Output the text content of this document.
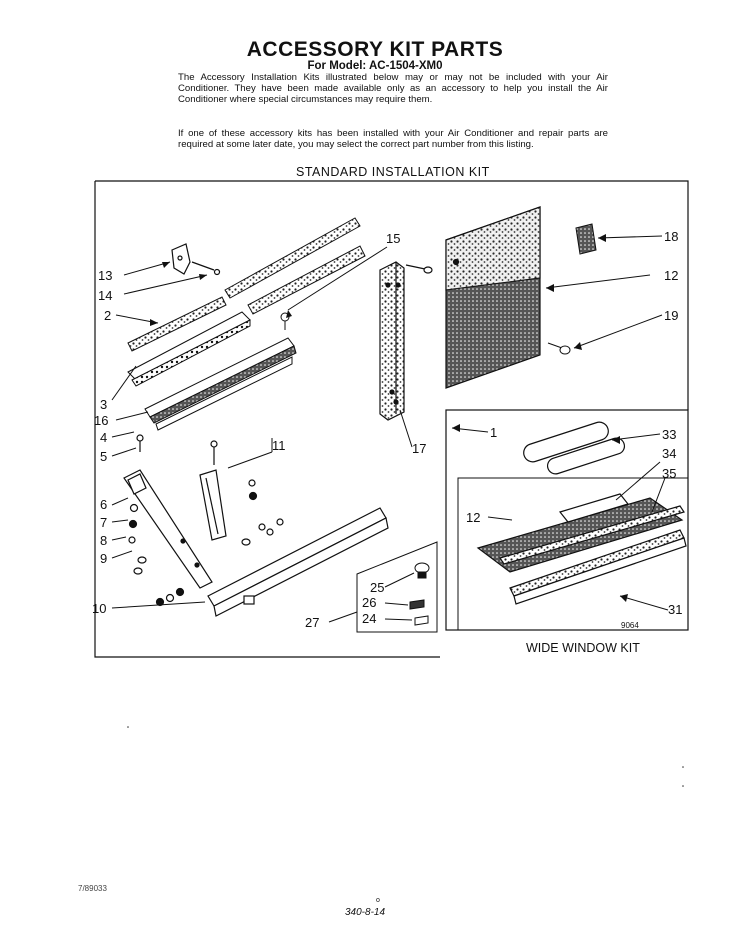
ACCESSORY KIT PARTS
For Model: AC-1504-XM0
The Accessory Installation Kits illustrated below may or may not be included with your Air Conditioner. They have been made available only as an accessory to help you install the Air Conditioner where special circumstances may require them.
If one of these accessory kits has been installed with your Air Conditioner and repair parts are required at some later date, you may select the correct part number from this listing.
STANDARD INSTALLATION KIT
13
14
2
3
16
4
5
6
7
8
9
10
11
15
17
1
12
18
19
25
26
24
27
33
34
35
12
31
9064
WIDE WINDOW KIT
7/89033
o
340-8-14
